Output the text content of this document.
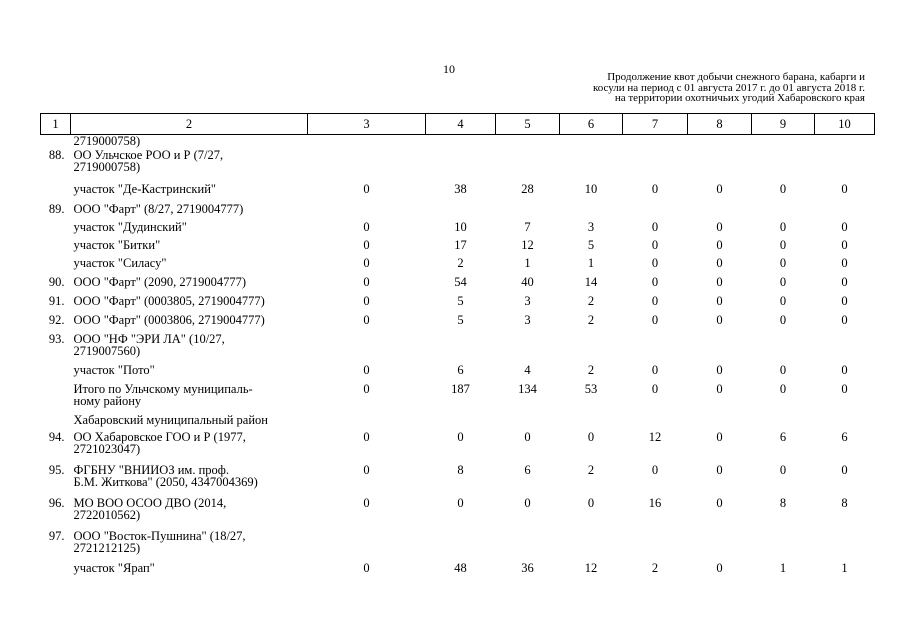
10
Продолжение квот добычи снежного барана, кабарги и
косули на период с 01 августа 2017 г. до 01 августа 2018 г.
на территории охотничьих угодий Хабаровского края
1	2	3	4	5	6	7	8	9	10
	2719000758)								
88.	ОО Ульчское РОО и Р (7/27,
2719000758)								
	участок "Де-Кастринский"	0	38	28	10	0	0	0	0
89.	ООО "Фарт" (8/27, 2719004777)								
	участок "Дудинский"	0	10	7	3	0	0	0	0
	участок "Битки"	0	17	12	5	0	0	0	0
	участок "Силасу"	0	2	1	1	0	0	0	0
90.	ООО "Фарт" (2090, 2719004777)	0	54	40	14	0	0	0	0
91.	ООО "Фарт" (0003805, 2719004777)	0	5	3	2	0	0	0	0
92.	ООО "Фарт" (0003806, 2719004777)	0	5	3	2	0	0	0	0
93.	ООО "НФ "ЭРИ ЛА" (10/27,
2719007560)								
	участок "Пото"	0	6	4	2	0	0	0	0
	Итого по Ульчскому муниципаль-
ному району	0	187	134	53	0	0	0	0
	Хабаровский муниципальный район								
94.	ОО Хабаровское ГОО и Р (1977,
2721023047)	0	0	0	0	12	0	6	6
95.	ФГБНУ "ВНИИОЗ им. проф.
Б.М. Житкова" (2050, 4347004369)	0	8	6	2	0	0	0	0
96.	МО ВОО ОСОО ДВО (2014,
2722010562)	0	0	0	0	16	0	8	8
97.	ООО "Восток-Пушнина" (18/27,
2721212125)								
	участок "Ярап"	0	48	36	12	2	0	1	1
